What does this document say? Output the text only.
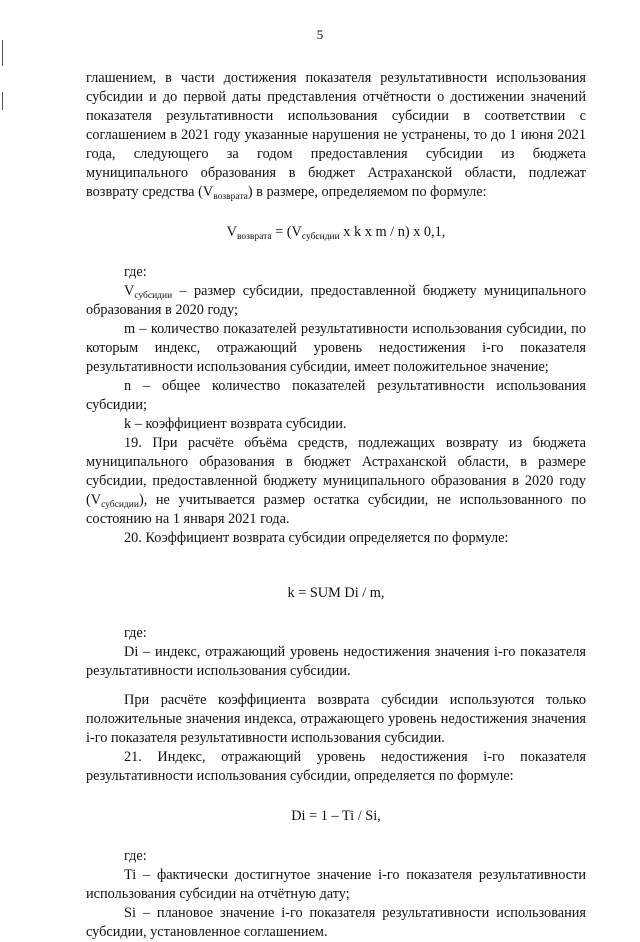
5

глашением, в части достижения показателя результативности использования субсидии и до первой даты представления отчётности о достижении значений показателя результативности использования субсидии в соответствии с соглашением в 2021 году указанные нарушения не устранены, то до 1 июня 2021 года, следующего за годом предоставления субсидии из бюджета муниципального образования в бюджет Астраханской области, подлежат возврату средства $(V_{возврата})$ в размере, определяемом по формуле:

$V_{возврата} = (V_{субсидии}$ x k x m / n) x 0,1,

где:

$V_{субсидии}$ – размер субсидии, предоставленной бюджету муниципального образования в 2020 году;

m – количество показателей результативности использования субсидии, по которым индекс, отражающий уровень недостижения i-го показателя результативности использования субсидии, имеет положительное значение;

n – общее количество показателей результативности использования субсидии;

k – коэффициент возврата субсидии.

19. При расчёте объёма средств, подлежащих возврату из бюджета муниципального образования в бюджет Астраханской области, в размере субсидии, предоставленной бюджету муниципального образования в 2020 году $(V_{субсидии})$, не учитывается размер остатка субсидии, не использованного по состоянию на 1 января 2021 года.

20. Коэффициент возврата субсидии определяется по формуле:

k = SUM Di / m,

где:

Di – индекс, отражающий уровень недостижения значения i-го показателя результативности использования субсидии.

При расчёте коэффициента возврата субсидии используются только положительные значения индекса, отражающего уровень недостижения значения i-го показателя результативности использования субсидии.

21. Индекс, отражающий уровень недостижения i-го показателя результативности использования субсидии, определяется по формуле:

Di = 1 – Ti / Si,

где:

Ti – фактически достигнутое значение i-го показателя результативности использования субсидии на отчётную дату;

Si – плановое значение i-го показателя результативности использования субсидии, установленное соглашением.
